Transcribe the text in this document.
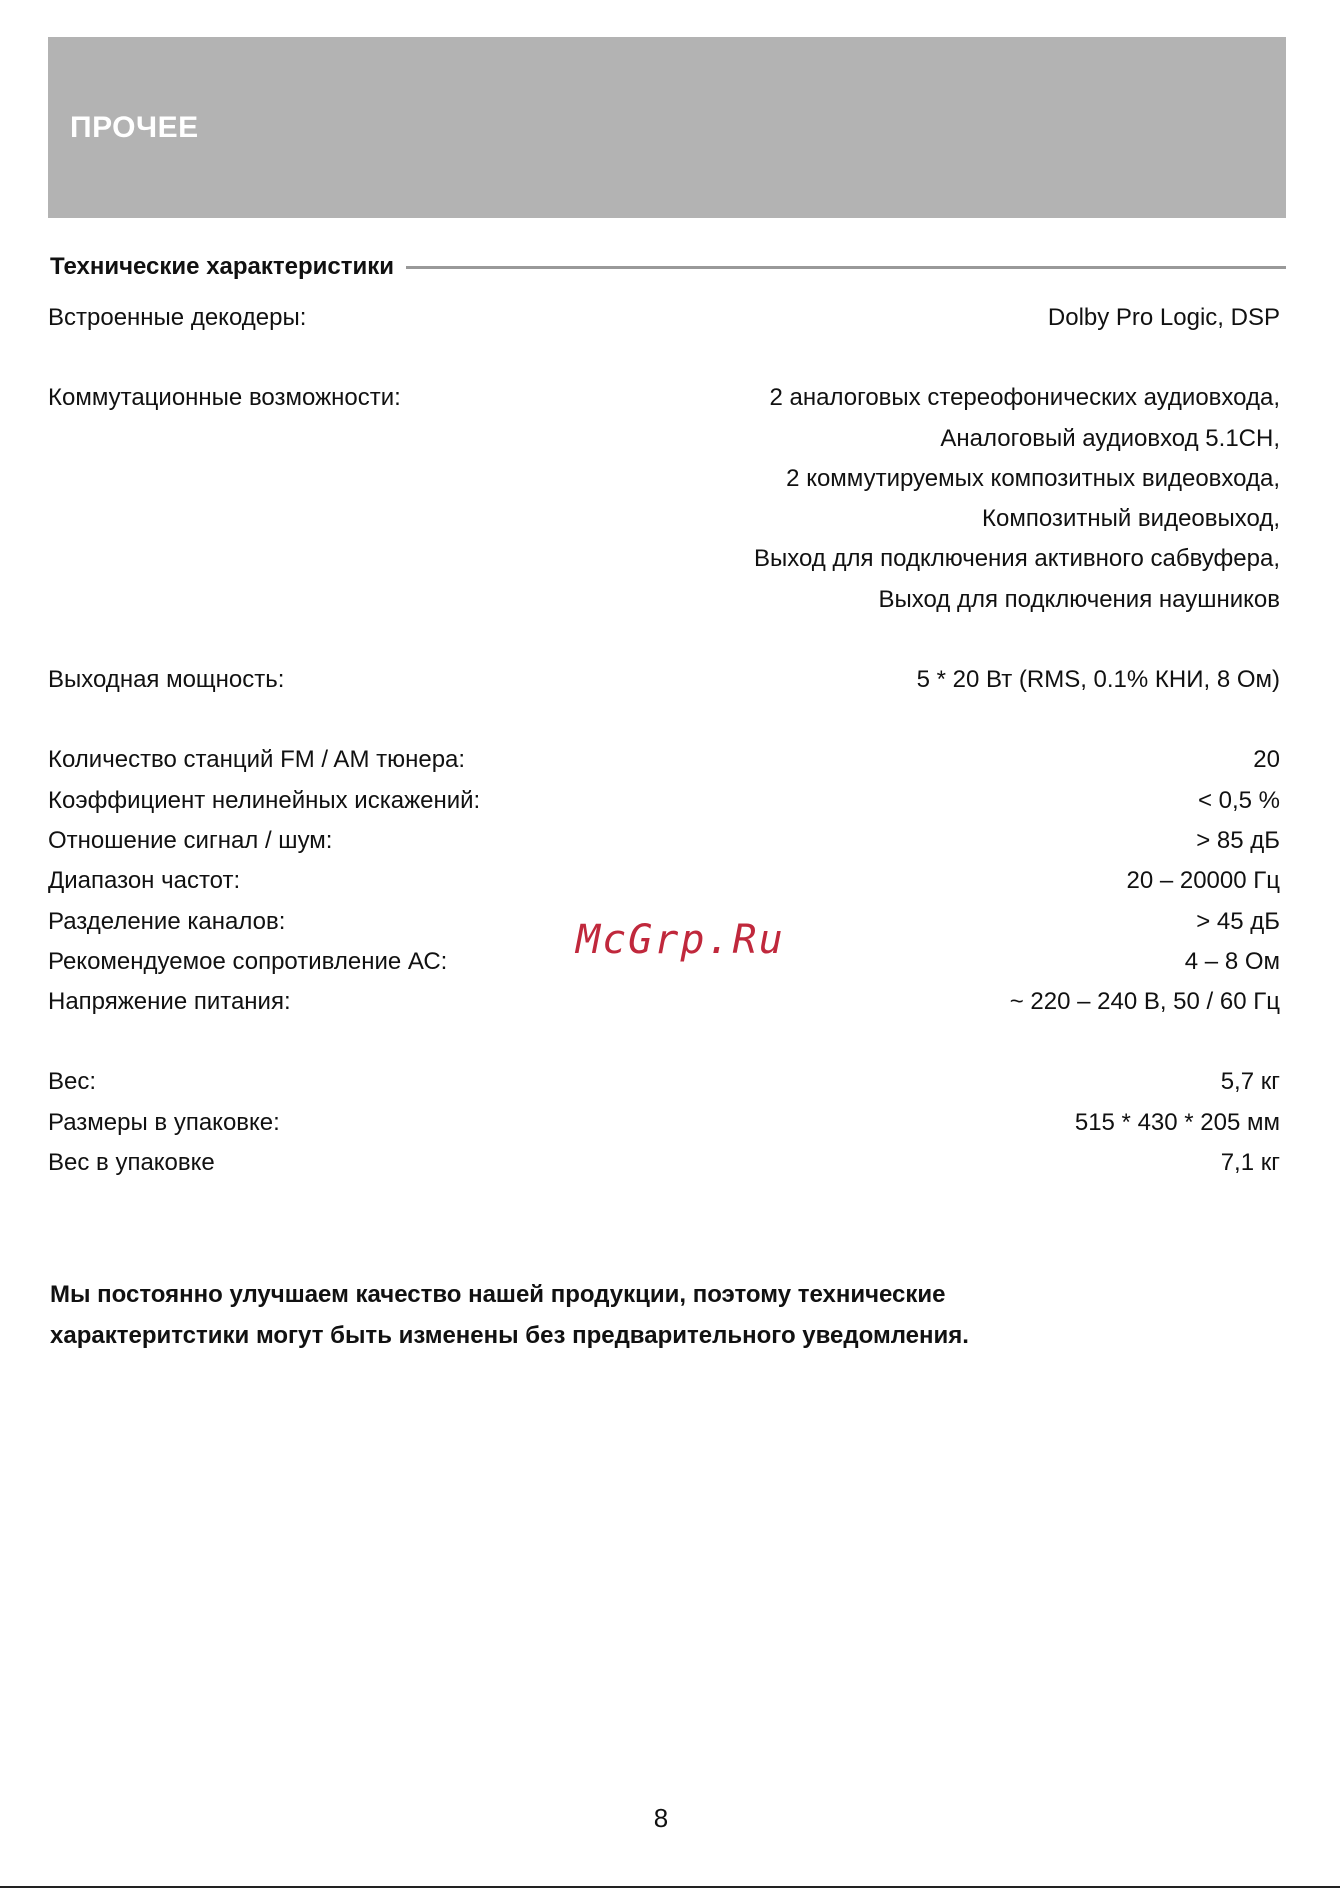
ПРОЧЕЕ
Технические характеристики
Встроенные декодеры:	Dolby Pro Logic, DSP
Коммутационные возможности:	2 аналоговых стереофонических аудиовхода,
Аналоговый аудиовход 5.1CH,
2 коммутируемых композитных видеовхода,
Композитный видеовыход,
Выход для подключения активного сабвуфера,
Выход для подключения наушников
Выходная мощность:	5 * 20 Вт (RMS, 0.1% КНИ, 8 Ом)
Количество станций FM / AM тюнера:	20
Коэффициент нелинейных искажений:	< 0,5 %
Отношение сигнал / шум:	> 85 дБ
Диапазон частот:	20 – 20000 Гц
Разделение каналов:	> 45 дБ
Рекомендуемое сопротивление АС:	4 – 8 Ом
Напряжение питания:	~ 220 – 240 В, 50 / 60 Гц
Вес:	5,7 кг
Размеры в упаковке:	515 * 430 * 205 мм
Вес в упаковке	7,1 кг
Мы постоянно улучшаем качество нашей продукции, поэтому технические
характеритстики могут быть изменены без предварительного уведомления.
McGrp.Ru
8
